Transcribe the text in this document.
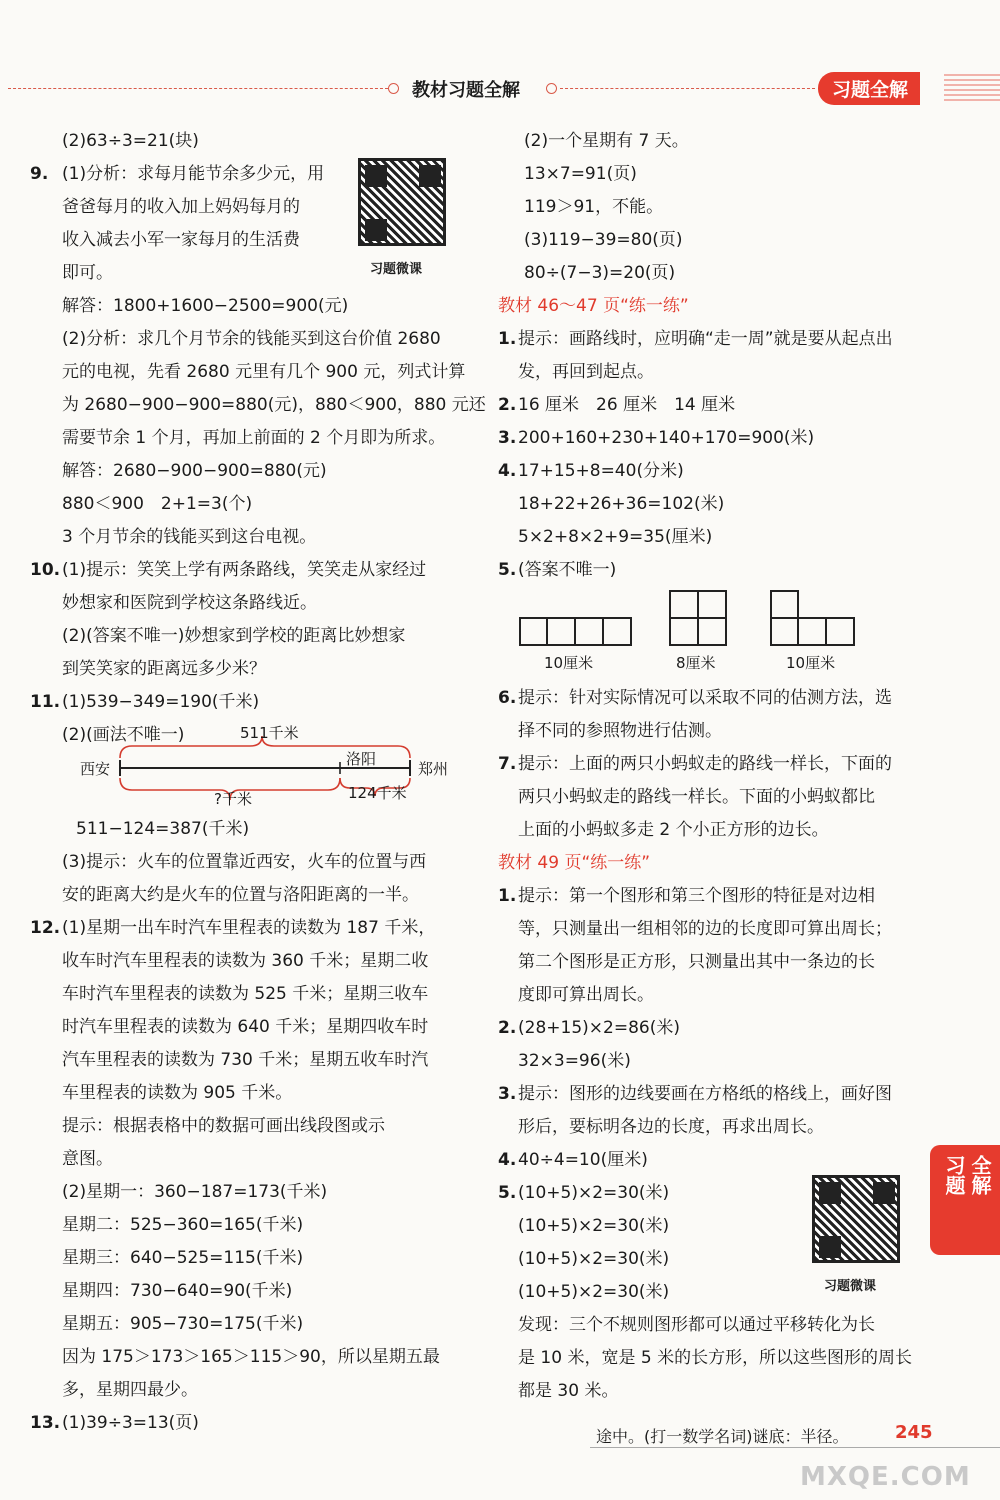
教材习题全解	习题全解
(2)63÷3=21(块)
9. (1)分析：求每月能节余多少元，用
爸爸每月的收入加上妈妈每月的
收入减去小军一家每月的生活费
即可。
解答：1800+1600−2500=900(元)
(2)分析：求几个月节余的钱能买到这台价值 2680
元的电视，先看 2680 元里有几个 900 元，列式计算
为 2680−900−900=880(元)，880＜900，880 元还
需要节余 1 个月，再加上前面的 2 个月即为所求。
解答：2680−900−900=880(元)
880＜900　2+1=3(个)
3 个月节余的钱能买到这台电视。
习题微课
10. (1)提示：笑笑上学有两条路线，笑笑走从家经过
妙想家和医院到学校这条路线近。
(2)(答案不唯一)妙想家到学校的距离比妙想家
到笑笑家的距离远多少米？
11. (1)539−349=190(千米)
(2)(画法不唯一)	511千米
西安
洛阳
郑州
?千米	124千米
511−124=387(千米)
(3)提示：火车的位置靠近西安，火车的位置与西
安的距离大约是火车的位置与洛阳距离的一半。
12. (1)星期一出车时汽车里程表的读数为 187 千米，
收车时汽车里程表的读数为 360 千米；星期二收
车时汽车里程表的读数为 525 千米；星期三收车
时汽车里程表的读数为 640 千米；星期四收车时
汽车里程表的读数为 730 千米；星期五收车时汽
车里程表的读数为 905 千米。
提示：根据表格中的数据可画出线段图或示
意图。
(2)星期一：360−187=173(千米)
星期二：525−360=165(千米)
星期三：640−525=115(千米)
星期四：730−640=90(千米)
星期五：905−730=175(千米)
因为 175＞173＞165＞115＞90，所以星期五最
多，星期四最少。
13. (1)39÷3=13(页)
(2)一个星期有 7 天。
13×7=91(页)
119＞91，不能。
(3)119−39=80(页)
80÷(7−3)=20(页)
教材 46～47 页“练一练”
1. 提示：画路线时，应明确“走一周”就是要从起点出
发，再回到起点。
2. 16 厘米　26 厘米　14 厘米
3. 200+160+230+140+170=900(米)
4. 17+15+8=40(分米)
18+22+26+36=102(米)
5×2+8×2+9=35(厘米)
5. (答案不唯一)
10厘米	8厘米	10厘米
6. 提示：针对实际情况可以采取不同的估测方法，选
择不同的参照物进行估测。
7. 提示：上面的两只小蚂蚁走的路线一样长，下面的
两只小蚂蚁走的路线一样长。下面的小蚂蚁都比
上面的小蚂蚁多走 2 个小正方形的边长。
教材 49 页“练一练”
1. 提示：第一个图形和第三个图形的特征是对边相
等，只测量出一组相邻的边的长度即可算出周长；
第二个图形是正方形，只测量出其中一条边的长
度即可算出周长。
2. (28+15)×2=86(米)
32×3=96(米)
3. 提示：图形的边线要画在方格纸的格线上，画好图
形后，要标明各边的长度，再求出周长。
4. 40÷4=10(厘米)
5. (10+5)×2=30(米)
(10+5)×2=30(米)
(10+5)×2=30(米)
(10+5)×2=30(米)
发现：三个不规则图形都可以通过平移转化为长
是 10 米，宽是 5 米的长方形，所以这些图形的周长
都是 30 米。
习题微课
习题 全解
途中。(打一数学名词)谜底：半径。	245
MXQE.COM
